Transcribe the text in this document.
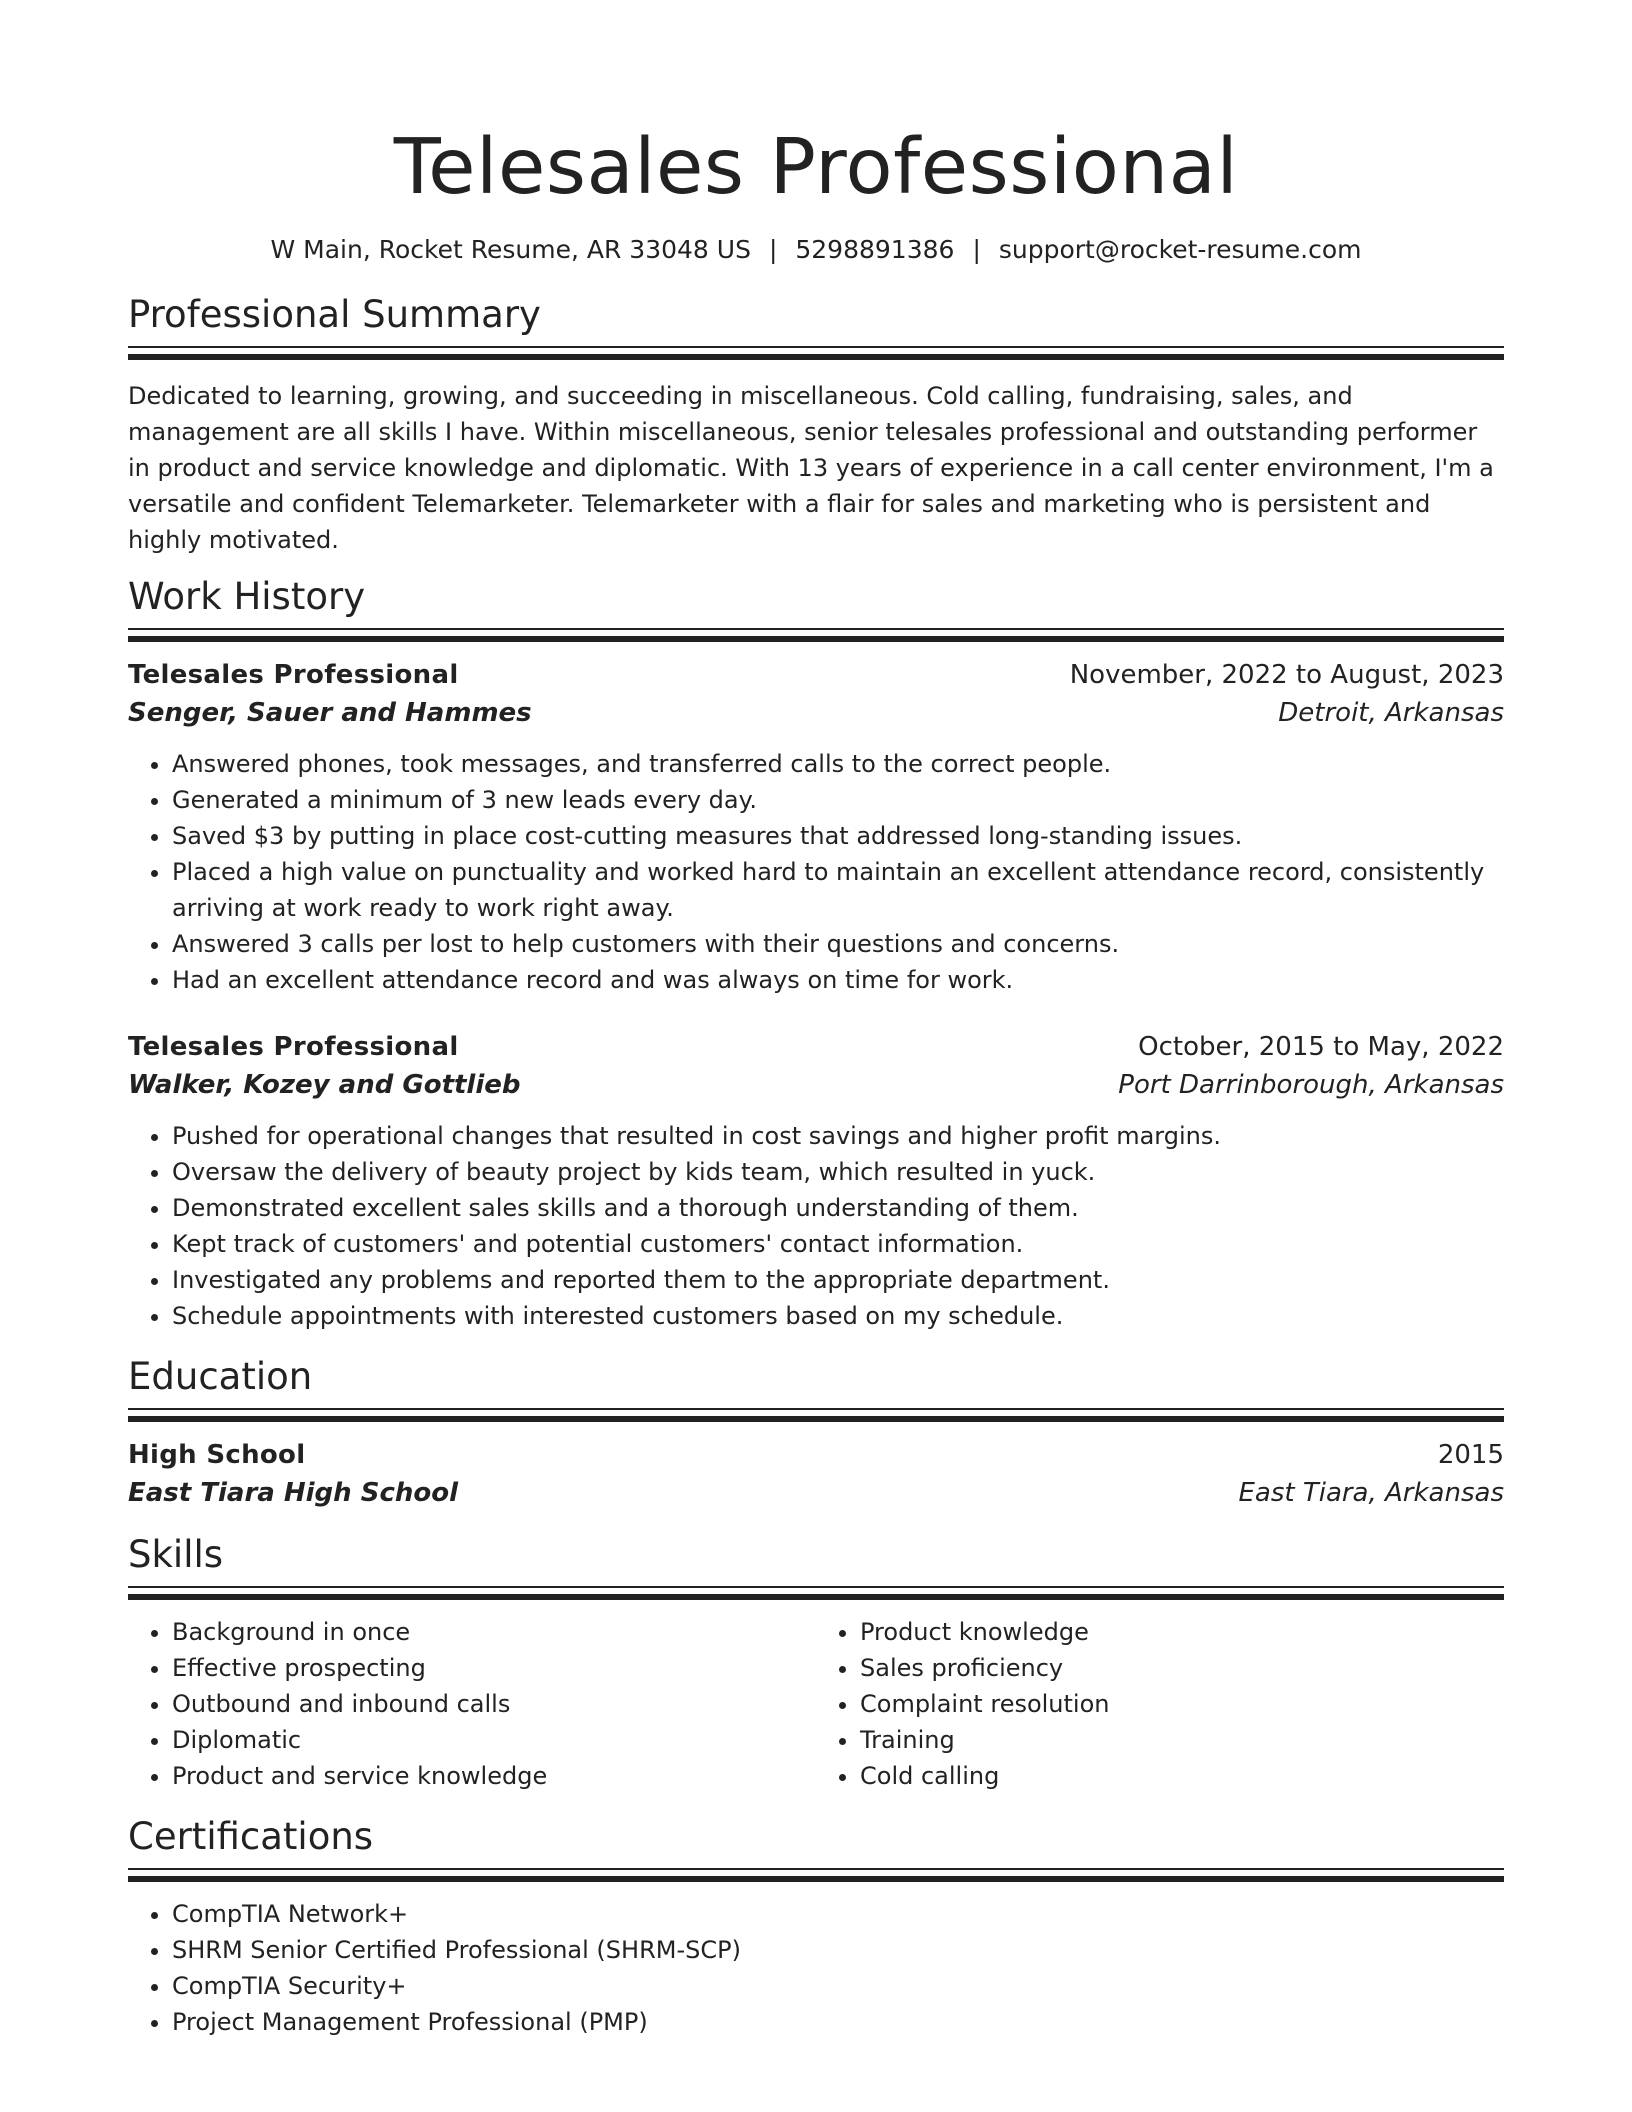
Telesales Professional
W Main, Rocket Resume, AR 33048 US | 5298891386 | support@rocket-resume.com
Professional Summary

Dedicated to learning, growing, and succeeding in miscellaneous. Cold calling, fundraising, sales, and management are all skills I have. Within miscellaneous, senior telesales professional and outstanding performer in product and service knowledge and diplomatic. With 13 years of experience in a call center environment, I'm a versatile and confident Telemarketer. Telemarketer with a flair for sales and marketing who is persistent and highly motivated.

Work History
Telesales Professional	November, 2022 to August, 2023
Senger, Sauer and Hammes	Detroit, Arkansas
• Answered phones, took messages, and transferred calls to the correct people.
• Generated a minimum of 3 new leads every day.
• Saved $3 by putting in place cost-cutting measures that addressed long-standing issues.
• Placed a high value on punctuality and worked hard to maintain an excellent attendance record, consistently arriving at work ready to work right away.
• Answered 3 calls per lost to help customers with their questions and concerns.
• Had an excellent attendance record and was always on time for work.
Telesales Professional	October, 2015 to May, 2022
Walker, Kozey and Gottlieb	Port Darrinborough, Arkansas
• Pushed for operational changes that resulted in cost savings and higher profit margins.
• Oversaw the delivery of beauty project by kids team, which resulted in yuck.
• Demonstrated excellent sales skills and a thorough understanding of them.
• Kept track of customers' and potential customers' contact information.
• Investigated any problems and reported them to the appropriate department.
• Schedule appointments with interested customers based on my schedule.
Education
High School	2015
East Tiara High School	East Tiara, Arkansas
Skills
• Background in once
• Effective prospecting
• Outbound and inbound calls
• Diplomatic
• Product and service knowledge
• Product knowledge
• Sales proficiency
• Complaint resolution
• Training
• Cold calling
Certifications
• CompTIA Network+
• SHRM Senior Certified Professional (SHRM-SCP)
• CompTIA Security+
• Project Management Professional (PMP)
